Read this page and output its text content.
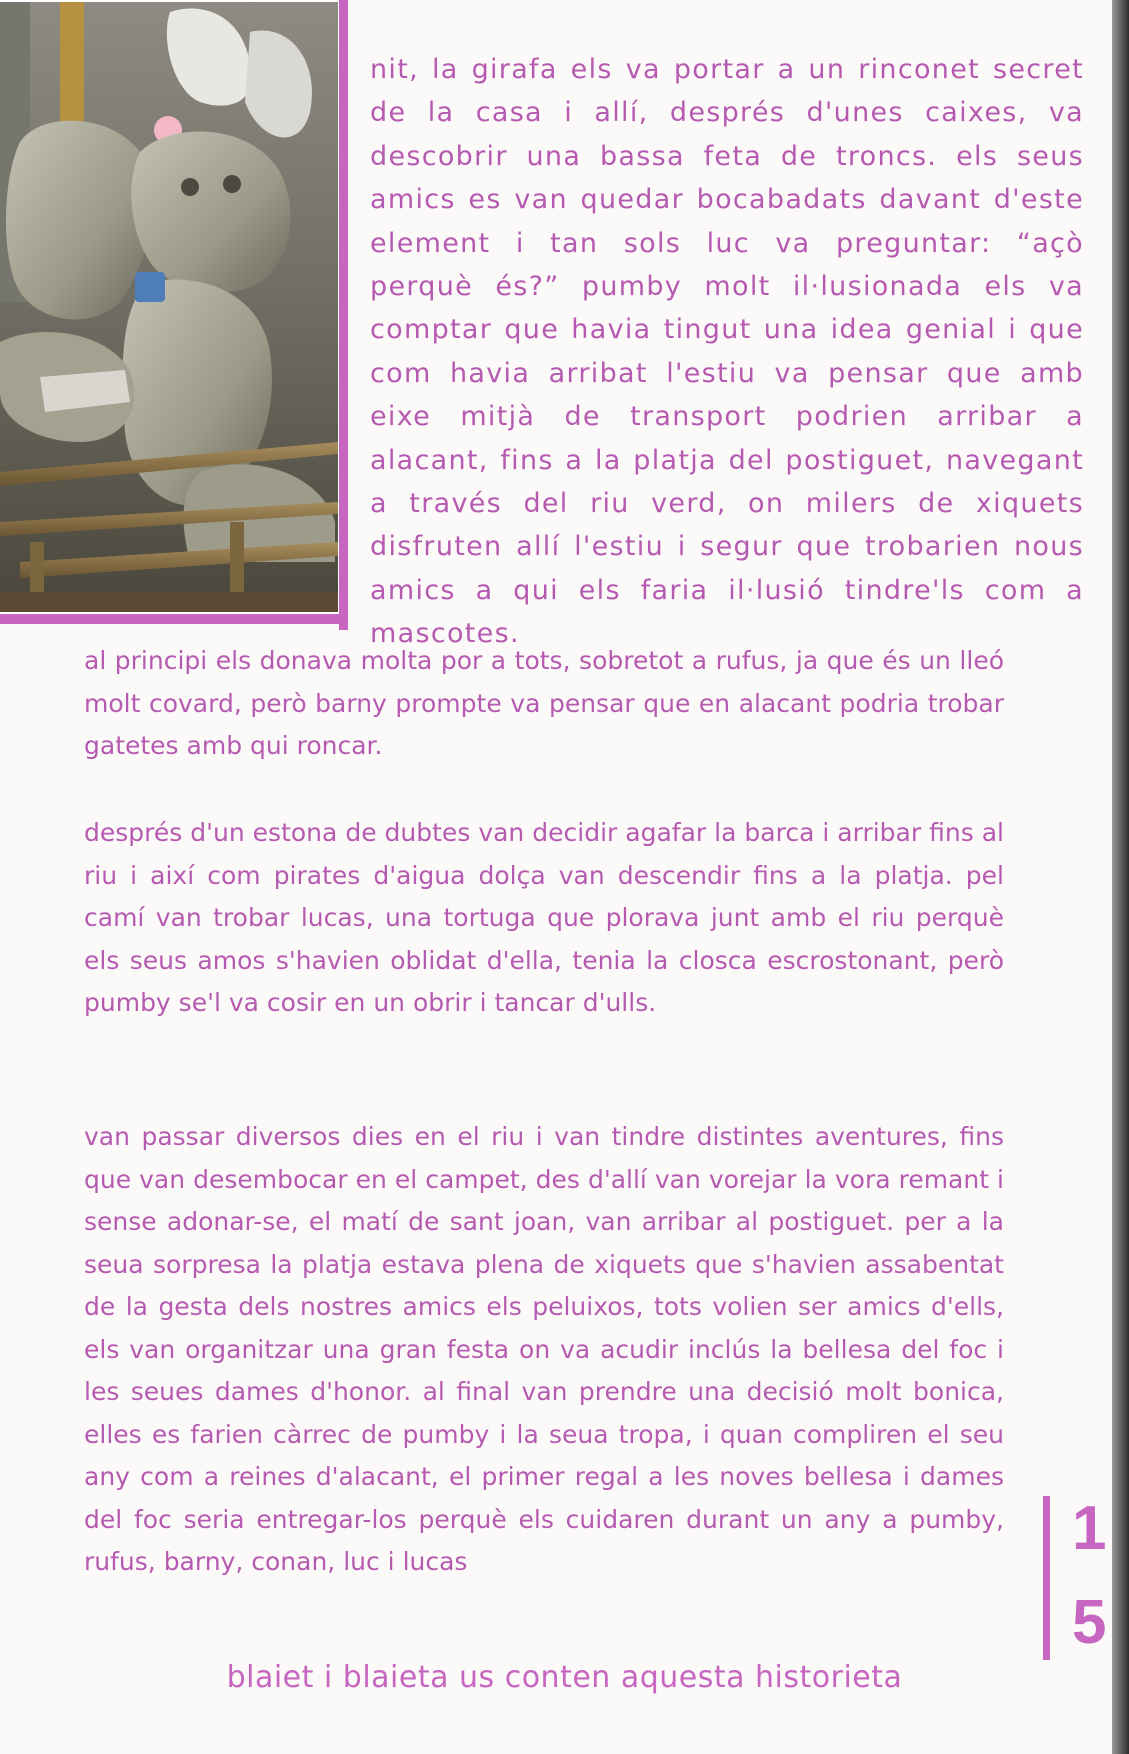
nit, la girafa els va portar a un rinconet secret de la casa i allí, després d'unes caixes, va descobrir una bassa feta de troncs. els seus amics es van quedar bocabadats davant d'este element i tan sols luc va preguntar: “açò perquè és?” pumby molt il·lusionada els va comptar que havia tingut una idea genial i que com havia arribat l'estiu va pensar que amb eixe mitjà de transport podrien arribar a alacant, fins a la platja del postiguet, navegant a través del riu verd, on milers de xiquets disfruten allí l'estiu i segur que trobarien nous amics a qui els faria il·lusió tindre'ls com a mascotes.

al principi els donava molta por a tots, sobretot a rufus, ja que és un lleó molt covard, però barny prompte va pensar que en alacant podria trobar gatetes amb qui roncar.

després d'un estona de dubtes van decidir agafar la barca i arribar fins al riu i així com pirates d'aigua dolça van descendir fins a la platja. pel camí van trobar lucas, una tortuga que plorava junt amb el riu perquè els seus amos s'havien oblidat d'ella, tenia la closca escrostonant, però pumby se'l va cosir en un obrir i tancar d'ulls.

van passar diversos dies en el riu i van tindre distintes aventures, fins que van desembocar en el campet, des d'allí van vorejar la vora remant i sense adonar-se, el matí de sant joan, van arribar al postiguet. per a la seua sorpresa la platja estava plena de xiquets que s'havien assabentat de la gesta dels nostres amics els peluixos, tots volien ser amics d'ells, els van organitzar una gran festa on va acudir inclús la bellesa del foc i les seues dames d'honor. al final van prendre una decisió molt bonica, elles es farien càrrec de pumby i la seua tropa, i quan compliren el seu any com a reines d'alacant, el primer regal a les noves bellesa i dames del foc seria entregar-los perquè els cuidaren durant un any a pumby, rufus, barny, conan, luc i lucas	1
5

blaiet i blaieta us conten aquesta historieta
